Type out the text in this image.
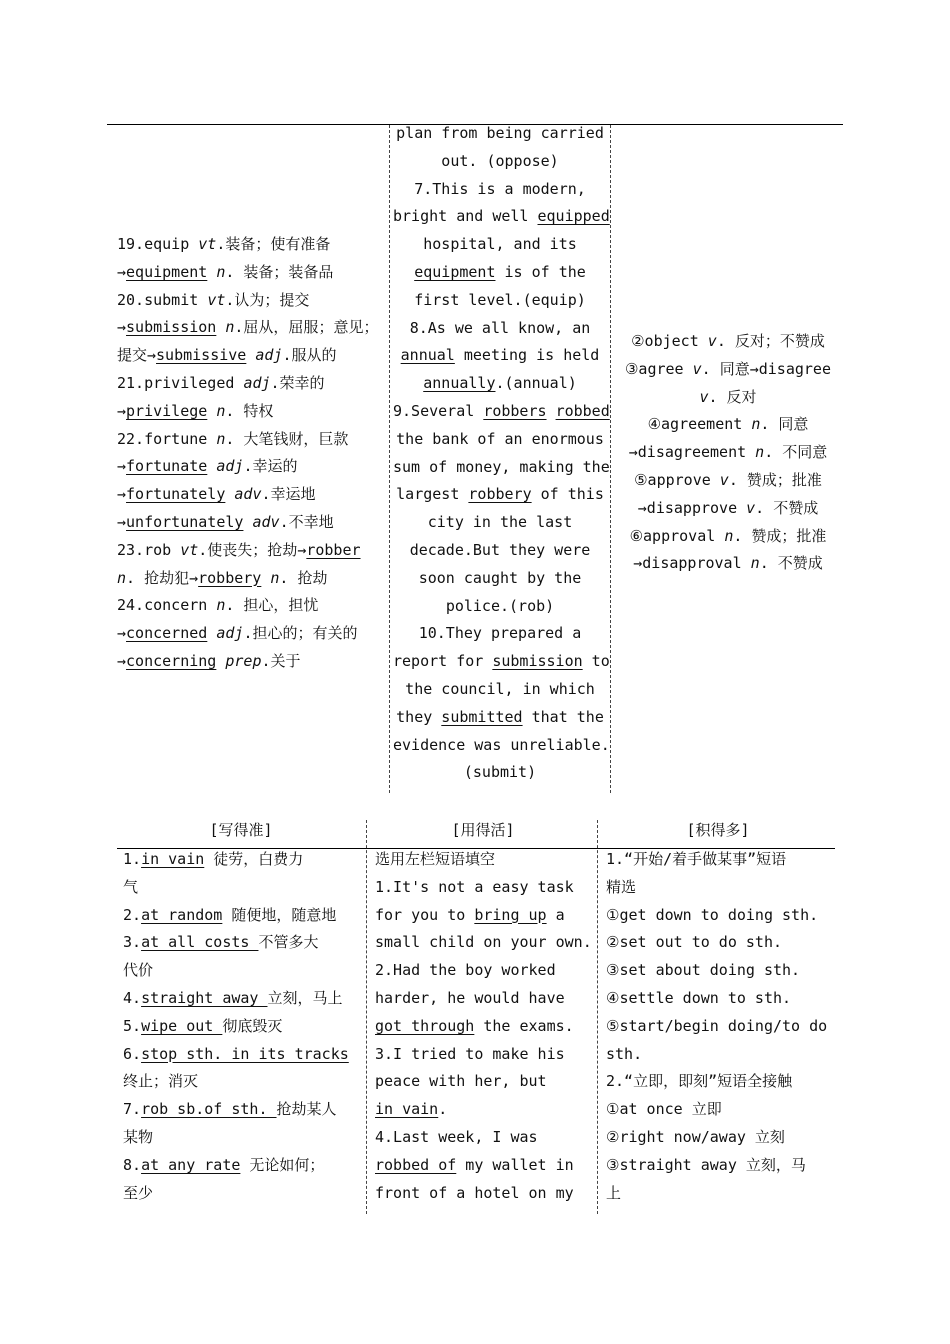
19.equip vt.装备；使有准备
→equipment n. 装备；装备品
20.submit vt.认为；提交
→submission n.屈从，屈服；意见；
提交→submissive adj.服从的
21.privileged adj.荣幸的
→privilege n. 特权
22.fortune n. 大笔钱财，巨款
→fortunate adj.幸运的
→fortunately adv.幸运地
→unfortunately adv.不幸地
23.rob vt.使丧失；抢劫→robber
n. 抢劫犯→robbery n. 抢劫
24.concern n. 担心，担忧
→concerned adj.担心的；有关的
→concerning prep.关于
plan from being carried
out. (oppose)
7.This is a modern,
bright and well equipped
hospital, and its
equipment is of the
first level.(equip)
8.As we all know, an
annual meeting is held
annually.(annual)
9.Several robbers robbed
the bank of an enormous
sum of money, making the
largest robbery of this
city in the last
decade.But they were
soon caught by the
police.(rob)
10.They prepared a
report for submission to
the council, in which
they submitted that the
evidence was unreliable.
(submit)
②object v. 反对；不赞成
③agree v. 同意→disagree
v. 反对
④agreement n. 同意
→disagreement n. 不同意
⑤approve v. 赞成；批准
→disapprove v. 不赞成
⑥approval n. 赞成；批准
→disapproval n. 不赞成
[写得准]	[用得活]	[积得多]
1.in vain 徒劳，白费力
气
2.at random 随便地，随意地
3.at all costs 不管多大
代价
4.straight away 立刻，马上
5.wipe out 彻底毁灭
6.stop sth. in its tracks
终止；消灭
7.rob sb.of sth. 抢劫某人
某物
8.at any rate 无论如何；
至少
选用左栏短语填空
1.It's not a easy task
for you to bring up a
small child on your own.
2.Had the boy worked
harder, he would have
got through the exams.
3.I tried to make his
peace with her, but
in vain.
4.Last week, I was
robbed of my wallet in
front of a hotel on my
1.“开始/着手做某事”短语
精选
①get down to doing sth.
②set out to do sth.
③set about doing sth.
④settle down to sth.
⑤start/begin doing/to do
sth.
2.“立即，即刻”短语全接触
①at once 立即
②right now/away 立刻
③straight away 立刻，马
上
